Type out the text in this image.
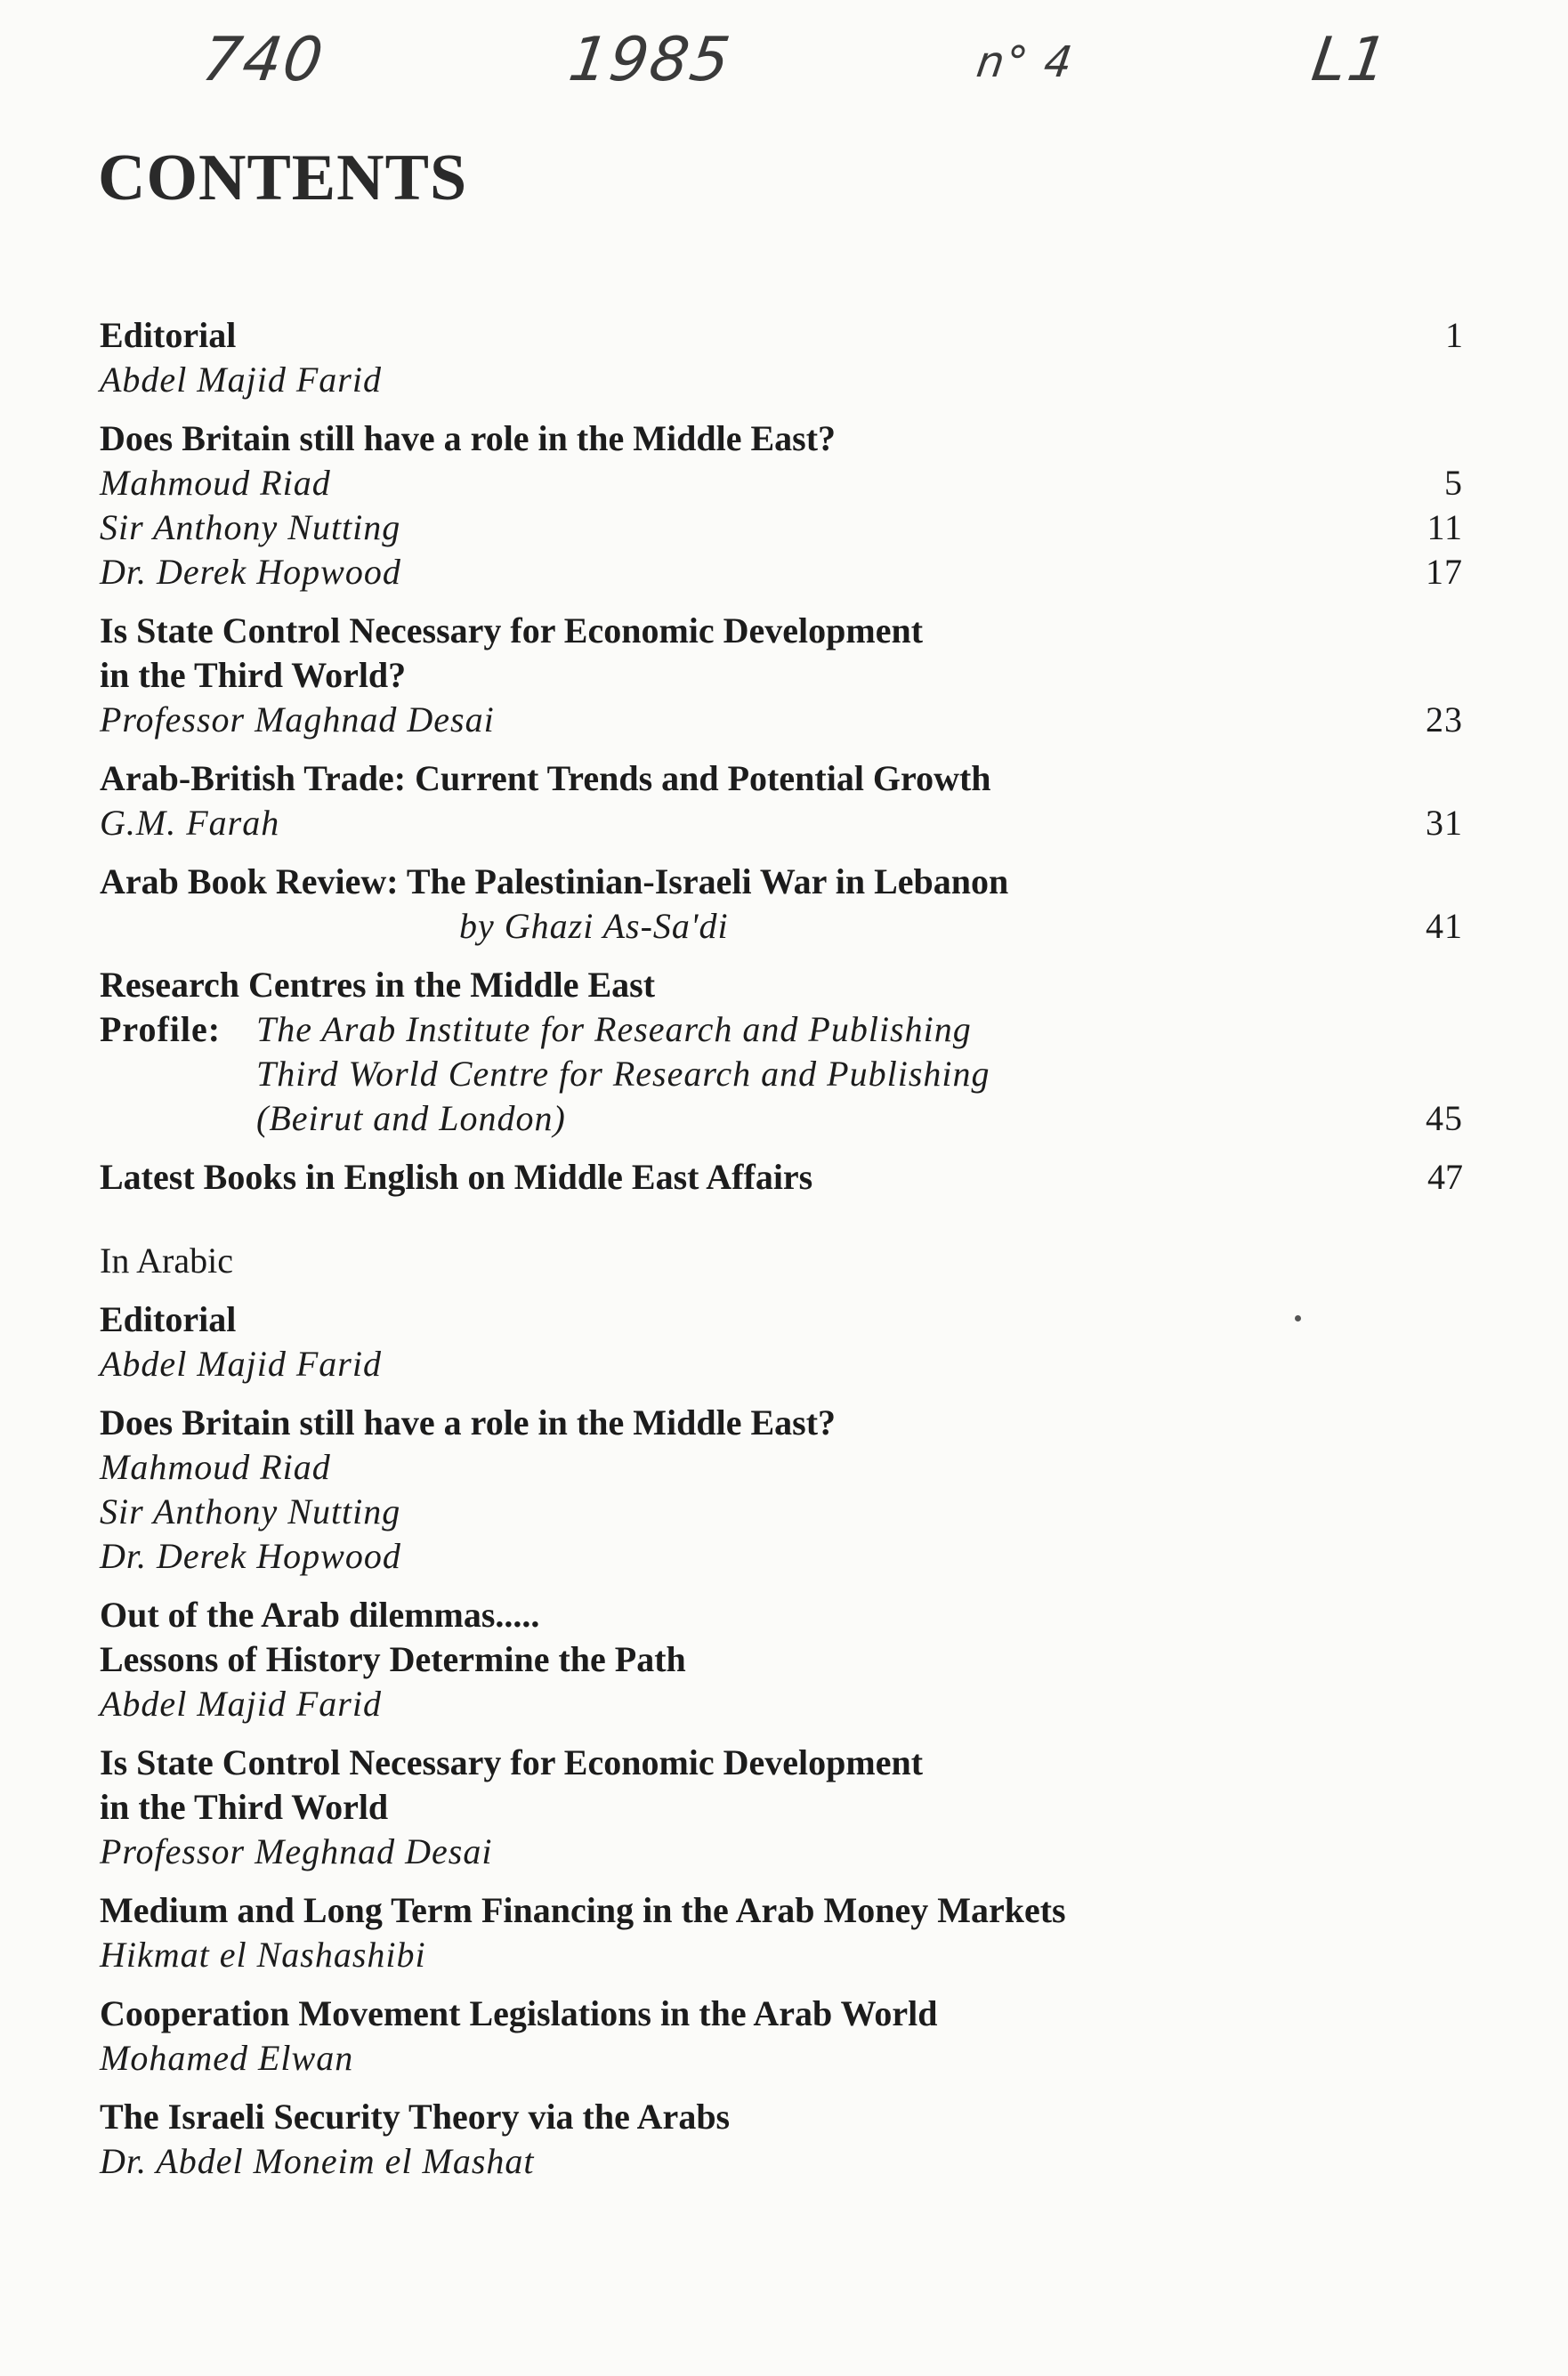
740	1985	n° 4	L1
CONTENTS
Editorial	1
Abdel Majid Farid
Does Britain still have a role in the Middle East?
Mahmoud Riad	5
Sir Anthony Nutting	11
Dr. Derek Hopwood	17
Is State Control Necessary for Economic Development
in the Third World?
Professor Maghnad Desai	23
Arab-British Trade: Current Trends and Potential Growth
G.M. Farah	31
Arab Book Review: The Palestinian-Israeli War in Lebanon
by Ghazi As-Sa'di	41
Research Centres in the Middle East
Profile: The Arab Institute for Research and Publishing
Third World Centre for Research and Publishing
(Beirut and London)	45
Latest Books in English on Middle East Affairs	47
In Arabic
Editorial
Abdel Majid Farid
Does Britain still have a role in the Middle East?
Mahmoud Riad
Sir Anthony Nutting
Dr. Derek Hopwood
Out of the Arab dilemmas.....
Lessons of History Determine the Path
Abdel Majid Farid
Is State Control Necessary for Economic Development
in the Third World
Professor Meghnad Desai
Medium and Long Term Financing in the Arab Money Markets
Hikmat el Nashashibi
Cooperation Movement Legislations in the Arab World
Mohamed Elwan
The Israeli Security Theory via the Arabs
Dr. Abdel Moneim el Mashat
